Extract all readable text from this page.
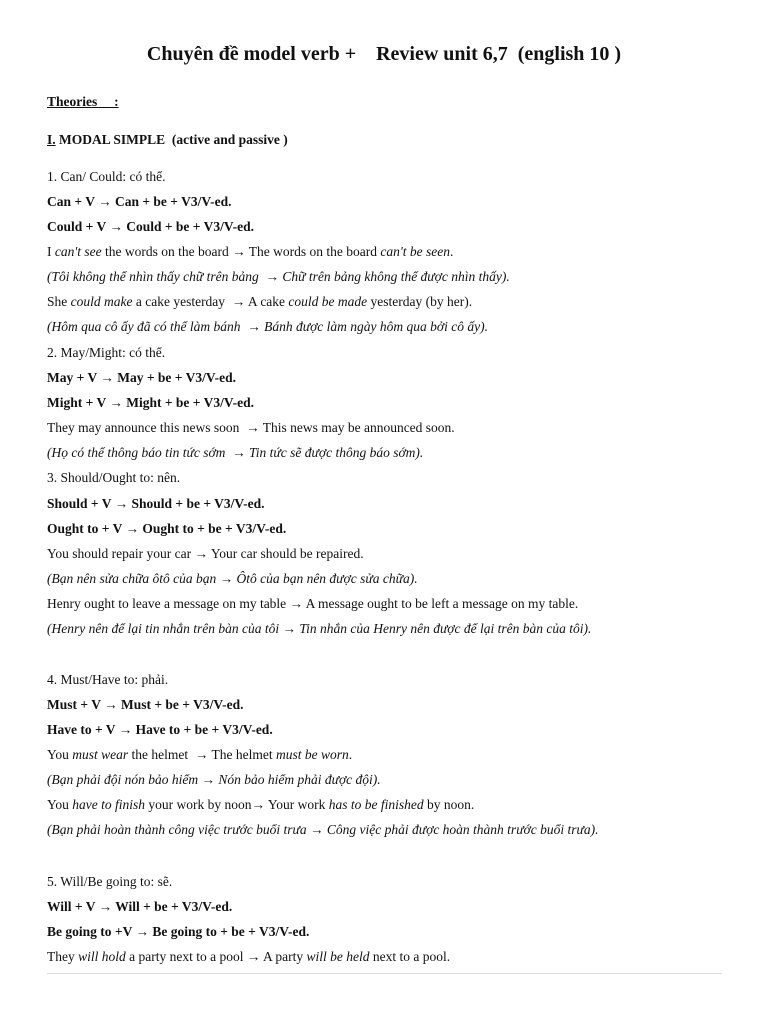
Chuyên đề model verb +    Review unit 6,7  (english 10 )
Theories     :
I. MODAL SIMPLE  (active and passive )
1. Can/ Could: có thể.
Can + V → Can + be + V3/V-ed.
Could + V → Could + be + V3/V-ed.
I can't see the words on the board → The words on the board can't be seen.
(Tôi không thể nhìn thấy chữ trên bảng  → Chữ trên bảng không thể được nhìn thấy).
She could make a cake yesterday  → A cake could be made yesterday (by her).
(Hôm qua cô ấy đã có thể làm bánh  → Bánh được làm ngày hôm qua bởi cô ấy).
2. May/Might: có thể.
May + V → May + be + V3/V-ed.
Might + V → Might + be + V3/V-ed.
They may announce this news soon  → This news may be announced soon.
(Họ có thể thông báo tin tức sớm  → Tin tức sẽ được thông báo sớm).
3. Should/Ought to: nên.
Should + V → Should + be + V3/V-ed.
Ought to + V → Ought to + be + V3/V-ed.
You should repair your car → Your car should be repaired.
(Bạn nên sửa chữa ôtô của bạn → Ôtô của bạn nên được sửa chữa).
Henry ought to leave a message on my table → A message ought to be left a message on my table.
(Henry nên để lại tin nhắn trên bàn của tôi → Tin nhắn của Henry nên được để lại trên bàn của tôi).
4. Must/Have to: phải.
Must + V → Must + be + V3/V-ed.
Have to + V → Have to + be + V3/V-ed.
You must wear the helmet  → The helmet must be worn.
(Bạn phải đội nón bảo hiểm → Nón bảo hiểm phải được đội).
You have to finish your work by noon→ Your work has to be finished by noon.
(Bạn phải hoàn thành công việc trước buổi trưa → Công việc phải được hoàn thành trước buổi trưa).
5. Will/Be going to: sẽ.
Will + V → Will + be + V3/V-ed.
Be going to +V → Be going to + be + V3/V-ed.
They will hold a party next to a pool → A party will be held next to a pool.
